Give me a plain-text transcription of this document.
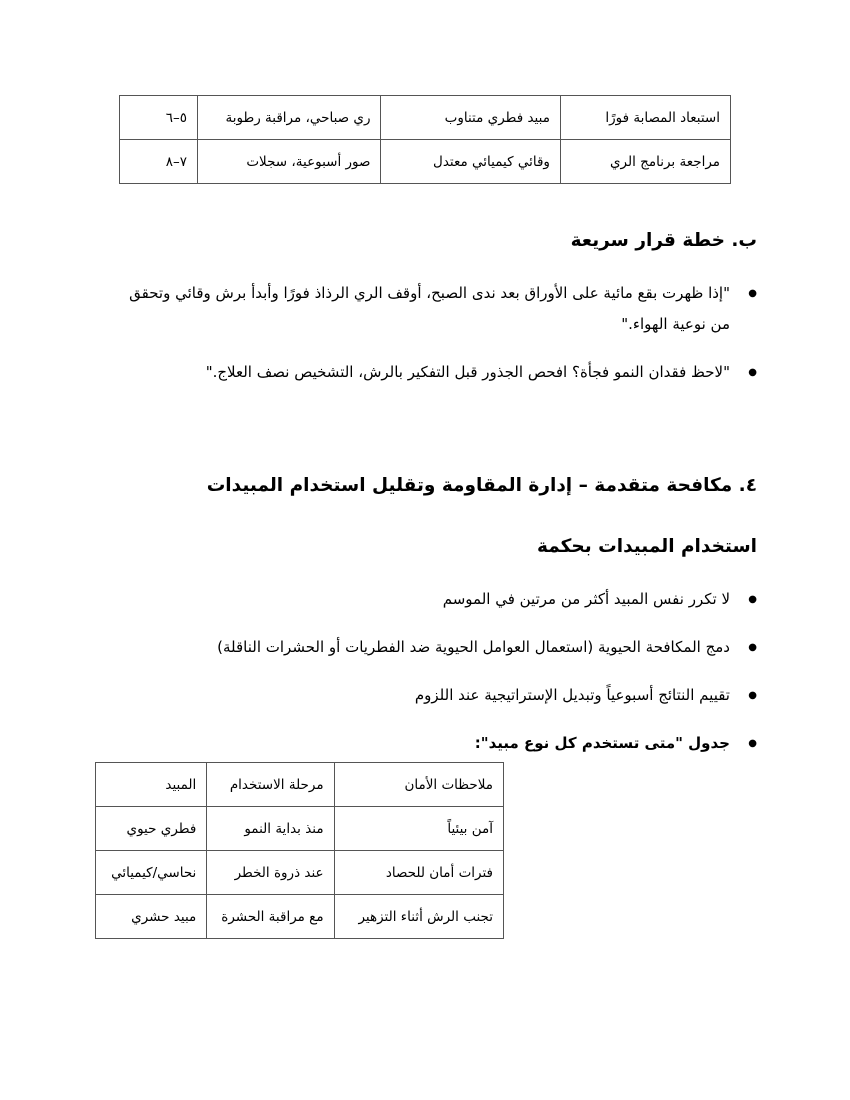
استبعاد المصابة فورًا	مبيد فطري متناوب	ري صباحي، مراقبة رطوبة	٥–٦
مراجعة برنامج الري	وقائي كيميائي معتدل	صور أسبوعية، سجلات	٧–٨
ب. خطة قرار سريعة
● "إذا ظهرت بقع مائية على الأوراق بعد ندى الصبح، أوقف الري الرذاذ فورًا وأبدأ برش وقائي وتحقق من نوعية الهواء."
● "لاحظ فقدان النمو فجأة؟ افحص الجذور قبل التفكير بالرش، التشخيص نصف العلاج."
٤. مكافحة متقدمة – إدارة المقاومة وتقليل استخدام المبيدات
استخدام المبيدات بحكمة
● لا تكرر نفس المبيد أكثر من مرتين في الموسم
● دمج المكافحة الحيوية (استعمال العوامل الحيوية ضد الفطريات أو الحشرات الناقلة)
● تقييم النتائج أسبوعياً وتبديل الإستراتيجية عند اللزوم
● جدول "متى تستخدم كل نوع مبيد":
ملاحظات الأمان	مرحلة الاستخدام	المبيد
آمن بيئياً	منذ بداية النمو	فطري حيوي
فترات أمان للحصاد	عند ذروة الخطر	نحاسي/كيميائي
تجنب الرش أثناء التزهير	مع مراقبة الحشرة	مبيد حشري
